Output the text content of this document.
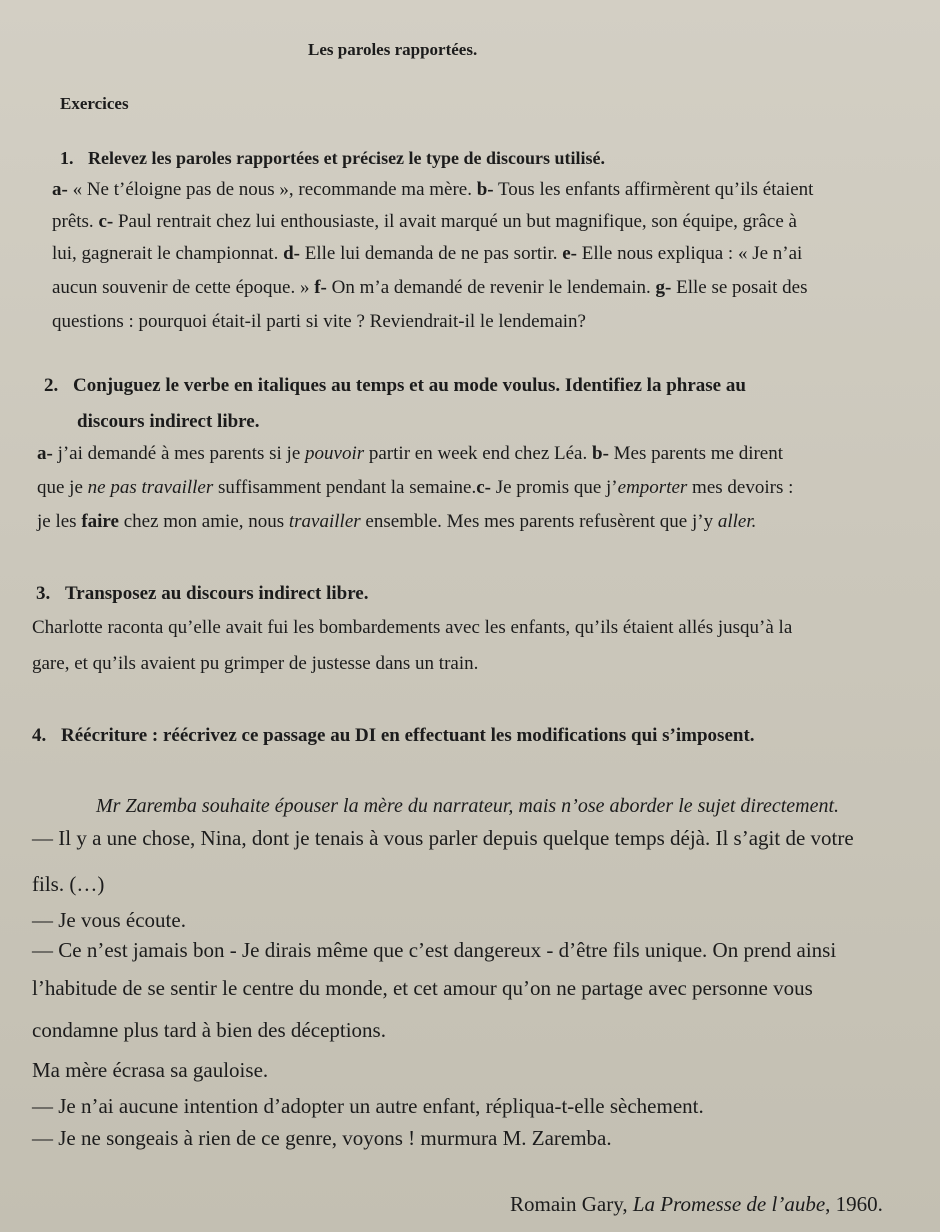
Les paroles rapportées.
Exercices
1. Relevez les paroles rapportées et précisez le type de discours utilisé.
a- « Ne t’éloigne pas de nous », recommande ma mère. b- Tous les enfants affirmèrent qu’ils étaient
prêts. c- Paul rentrait chez lui enthousiaste, il avait marqué un but magnifique, son équipe, grâce à
lui, gagnerait le championnat. d- Elle lui demanda de ne pas sortir. e- Elle nous expliqua : « Je n’ai
aucun souvenir de cette époque. » f- On m’a demandé de revenir le lendemain. g- Elle se posait des
questions : pourquoi était-il parti si vite ? Reviendrait-il le lendemain?
2. Conjuguez le verbe en italiques au temps et au mode voulus. Identifiez la phrase au
discours indirect libre.
a- j’ai demandé à mes parents si je pouvoir partir en week end chez Léa. b- Mes parents me dirent
que je ne pas travailler suffisamment pendant la semaine.c- Je promis que j’emporter mes devoirs :
je les faire chez mon amie, nous travailler ensemble. Mes mes parents refusèrent que j’y aller.
3. Transposez au discours indirect libre.
Charlotte raconta qu’elle avait fui les bombardements avec les enfants, qu’ils étaient allés jusqu’à la
gare, et qu’ils avaient pu grimper de justesse dans un train.
4. Réécriture : réécrivez ce passage au DI en effectuant les modifications qui s’imposent.
Mr Zaremba souhaite épouser la mère du narrateur, mais n’ose aborder le sujet directement.
— Il y a une chose, Nina, dont je tenais à vous parler depuis quelque temps déjà. Il s’agit de votre
fils. (…)
— Je vous écoute.
— Ce n’est jamais bon - Je dirais même que c’est dangereux - d’être fils unique. On prend ainsi
l’habitude de se sentir le centre du monde, et cet amour qu’on ne partage avec personne vous
condamne plus tard à bien des déceptions.
Ma mère écrasa sa gauloise.
— Je n’ai aucune intention d’adopter un autre enfant, répliqua-t-elle sèchement.
— Je ne songeais à rien de ce genre, voyons ! murmura M. Zaremba.
Romain Gary, La Promesse de l’aube, 1960.
